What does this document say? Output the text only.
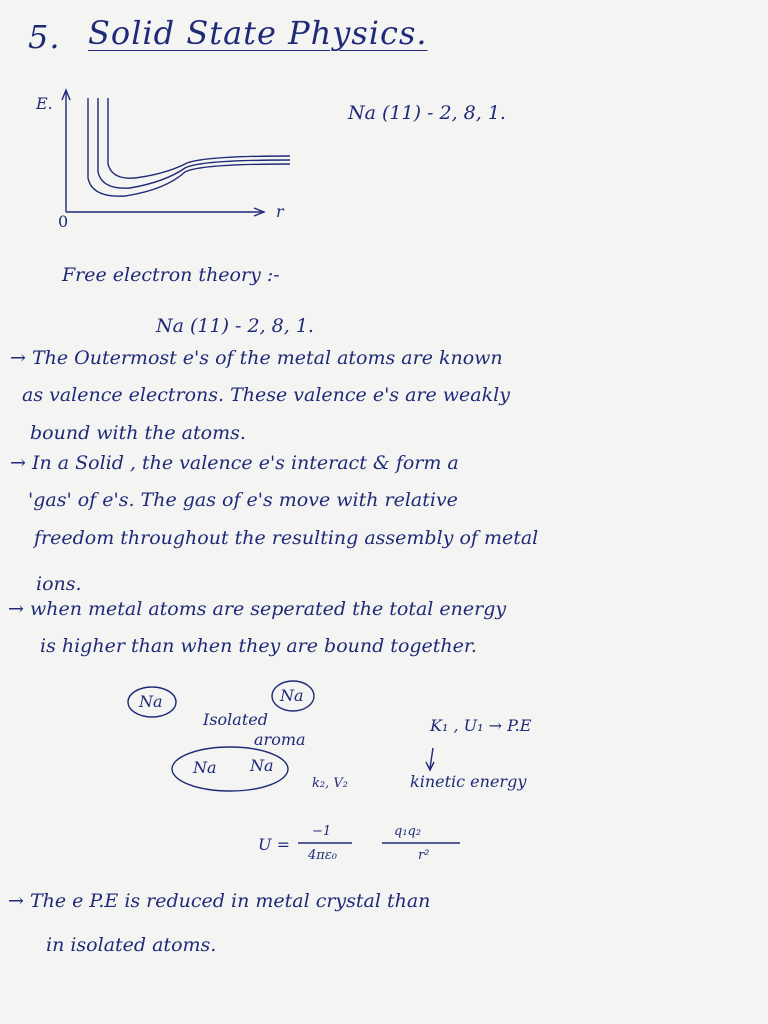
5. Solid State Physics.
E.
r
0
Na (11) - 2, 8, 1.
Free electron theory :-
Na (11) - 2, 8, 1.
→ The Outermost e's of the metal atoms are known
as valence electrons. These valence e's are weakly
bound with the atoms.
→ In a Solid , the valence e's interact & form a
'gas' of e's. The gas of e's move with relative
freedom throughout the resulting assembly of metal
ions.
→ when metal atoms are seperated the total energy
is higher than when they are bound together.
Na	Na
Isolated
aroma
Na Na
k₂, V₂
K₁ , U₁ → P.E
kinetic energy
U =
−1
4πε₀
q₁q₂
r²
→ The e P.E is reduced in metal crystal than
in isolated atoms.
